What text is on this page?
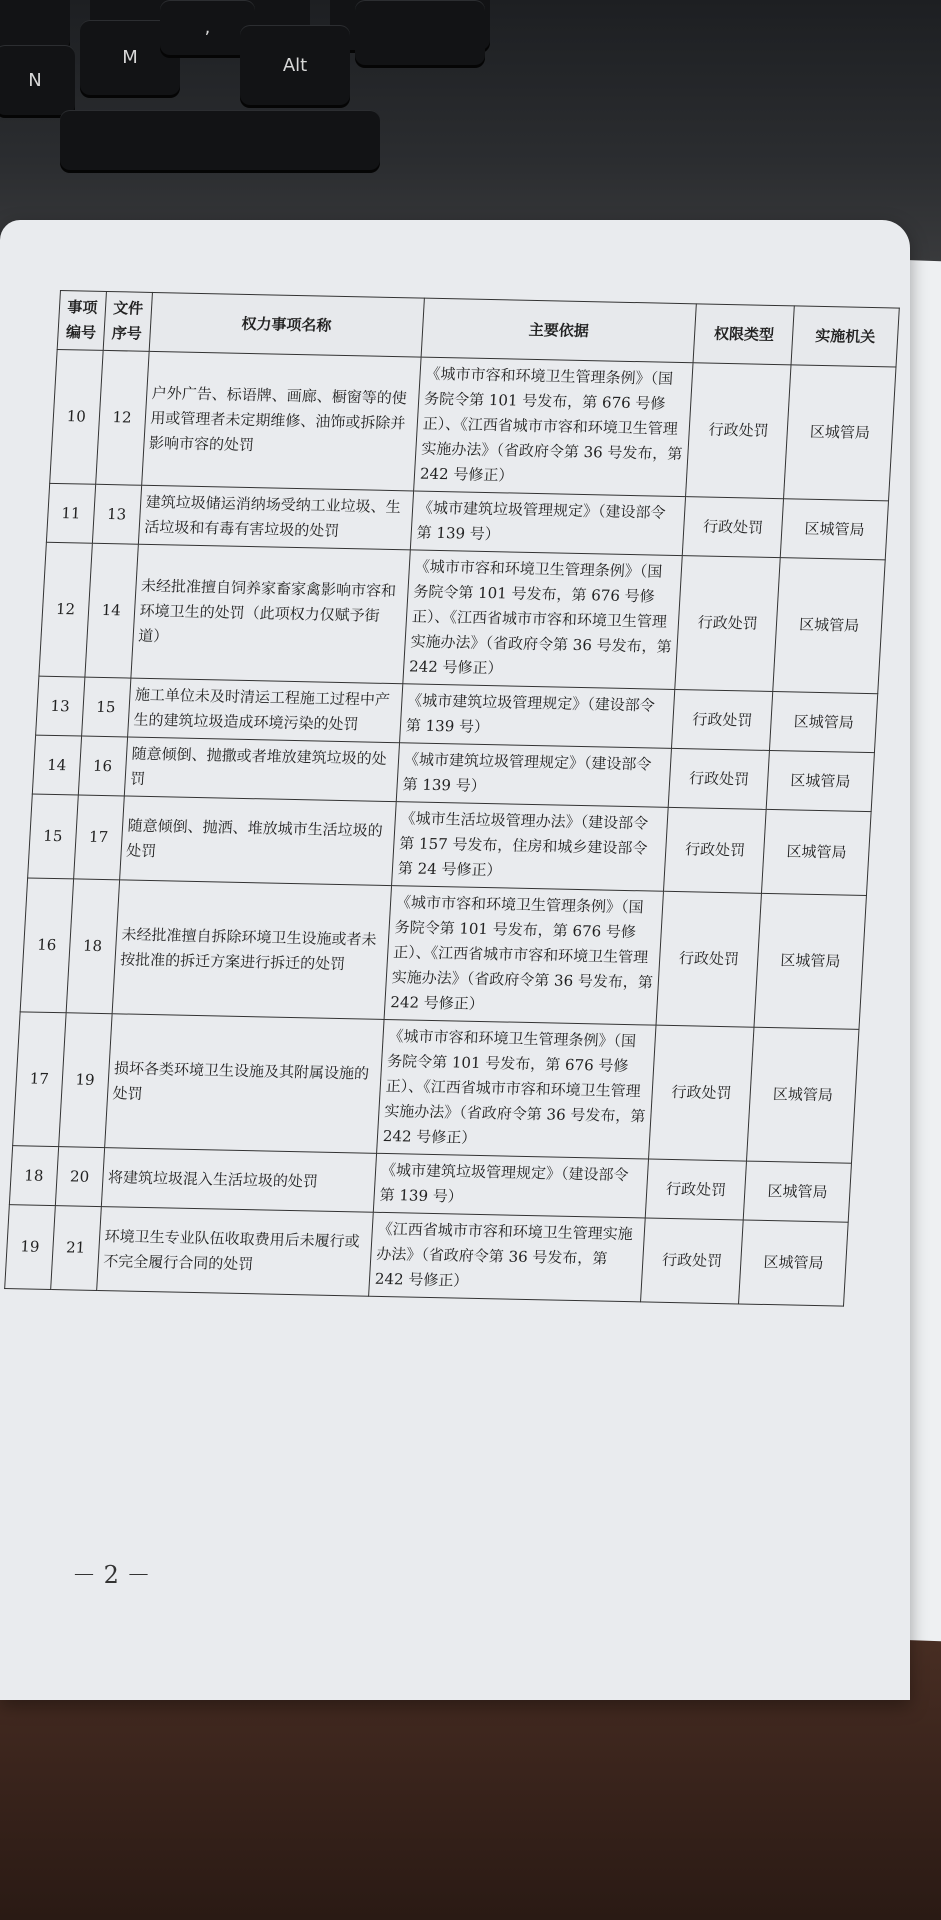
N
M
,
Alt
事项编号	文件序号	权力事项名称	主要依据	权限类型	实施机关
10	12	户外广告、标语牌、画廊、橱窗等的使用或管理者未定期维修、油饰或拆除并影响市容的处罚	《城市市容和环境卫生管理条例》（国务院令第 101 号发布，第 676 号修正）、《江西省城市市容和环境卫生管理实施办法》（省政府令第 36 号发布，第 242 号修正）	行政处罚	区城管局
11	13	建筑垃圾储运消纳场受纳工业垃圾、生活垃圾和有毒有害垃圾的处罚	《城市建筑垃圾管理规定》（建设部令第 139 号）	行政处罚	区城管局
12	14	未经批准擅自饲养家畜家禽影响市容和环境卫生的处罚（此项权力仅赋予街道）	《城市市容和环境卫生管理条例》（国务院令第 101 号发布，第 676 号修正）、《江西省城市市容和环境卫生管理实施办法》（省政府令第 36 号发布，第 242 号修正）	行政处罚	区城管局
13	15	施工单位未及时清运工程施工过程中产生的建筑垃圾造成环境污染的处罚	《城市建筑垃圾管理规定》（建设部令第 139 号）	行政处罚	区城管局
14	16	随意倾倒、抛撒或者堆放建筑垃圾的处罚	《城市建筑垃圾管理规定》（建设部令第 139 号）	行政处罚	区城管局
15	17	随意倾倒、抛洒、堆放城市生活垃圾的处罚	《城市生活垃圾管理办法》（建设部令第 157 号发布，住房和城乡建设部令第 24 号修正）	行政处罚	区城管局
16	18	未经批准擅自拆除环境卫生设施或者未按批准的拆迁方案进行拆迁的处罚	《城市市容和环境卫生管理条例》（国务院令第 101 号发布，第 676 号修正）、《江西省城市市容和环境卫生管理实施办法》（省政府令第 36 号发布，第 242 号修正）	行政处罚	区城管局
17	19	损坏各类环境卫生设施及其附属设施的处罚	《城市市容和环境卫生管理条例》（国务院令第 101 号发布，第 676 号修正）、《江西省城市市容和环境卫生管理实施办法》（省政府令第 36 号发布，第 242 号修正）	行政处罚	区城管局
18	20	将建筑垃圾混入生活垃圾的处罚	《城市建筑垃圾管理规定》（建设部令第 139 号）	行政处罚	区城管局
19	21	环境卫生专业队伍收取费用后未履行或不完全履行合同的处罚	《江西省城市市容和环境卫生管理实施办法》（省政府令第 36 号发布，第 242 号修正）	行政处罚	区城管局
－ 2 －
